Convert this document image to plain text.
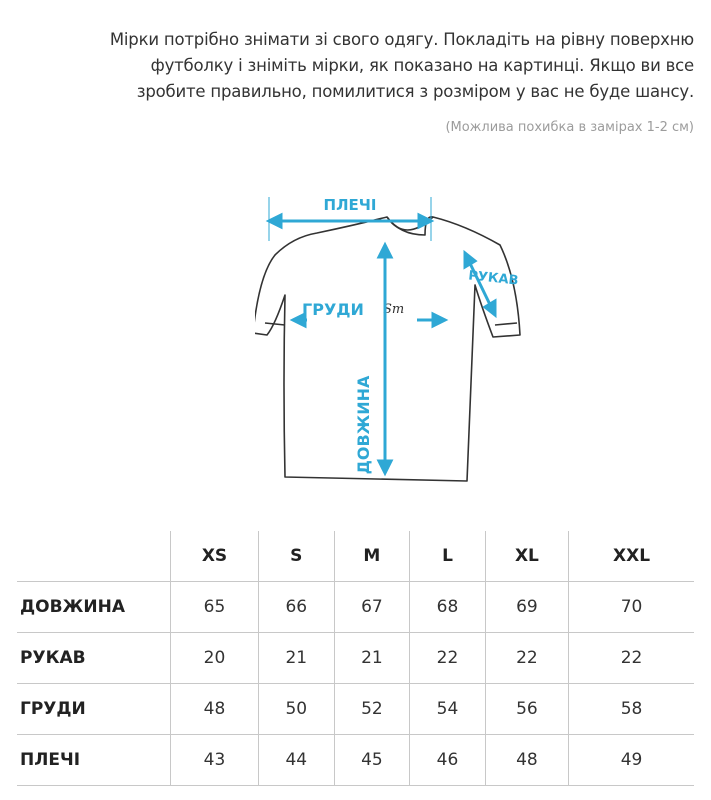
Мірки потрібно знімати зі свого одягу. Покладіть на рівну поверхню

футболку і зніміть мірки, як показано на картинці. Якщо ви все

зробите правильно, помилитися з розміром у вас не буде шансу.

(Можлива похибка в замірах 1-2 см)
ПЛЕЧІ
РУКАВ
ГРУДИ Sm
ДОВЖИНА
	XS	S	M	L	XL	XXL
ДОВЖИНА	65	66	67	68	69	70
РУКАВ	20	21	21	22	22	22
ГРУДИ	48	50	52	54	56	58
ПЛЕЧІ	43	44	45	46	48	49
